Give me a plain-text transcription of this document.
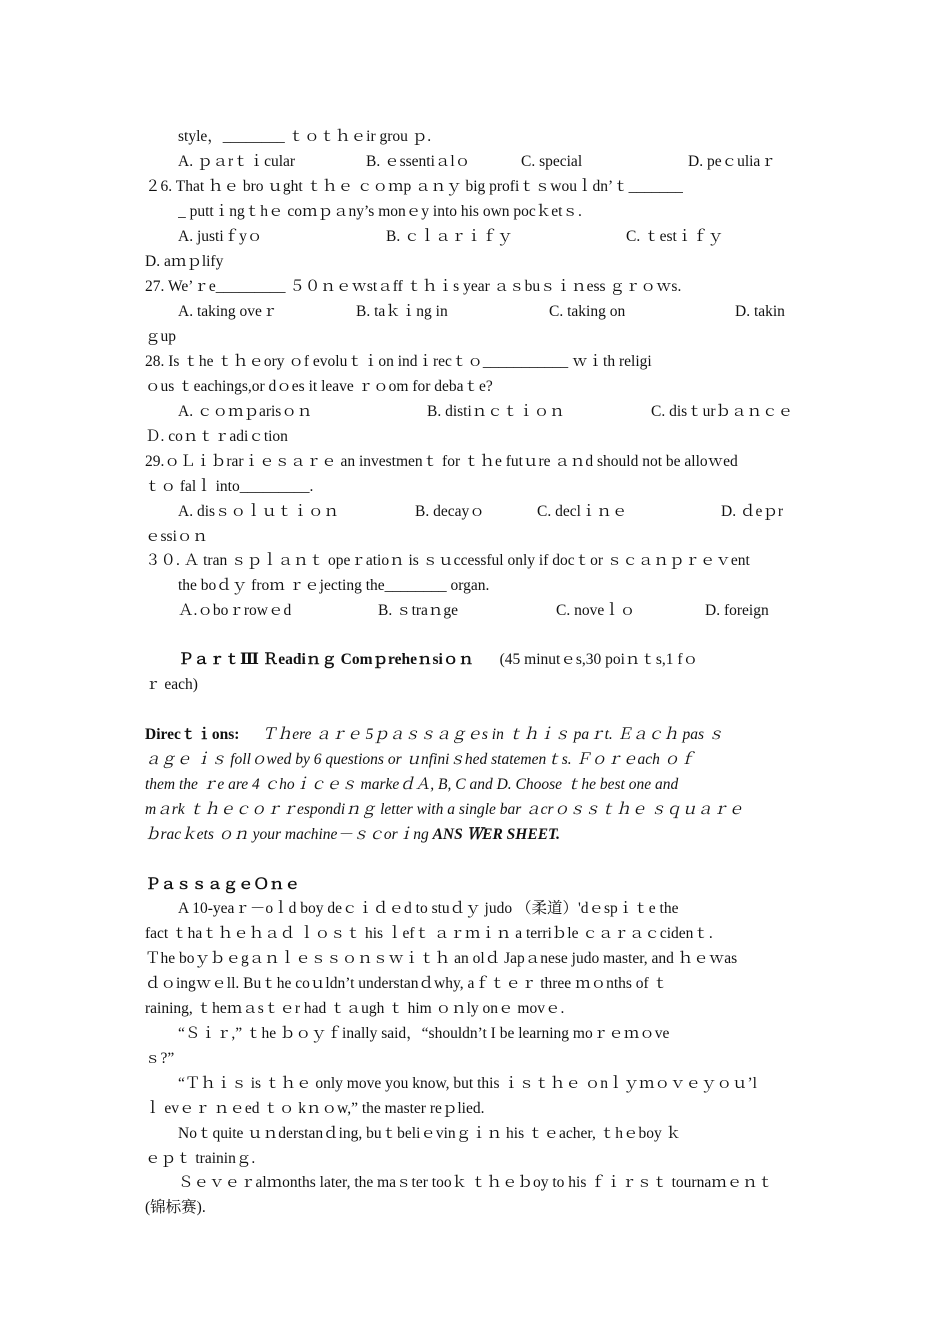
style，________ ｔｏｔｈｅir grou ｐ.
A. ｐａrｔｉcular	B. ｅssentiａlｏ	C. special	D. peｃuliaｒ
２6. That ｈｅ bro ｕght ｔｈｅ ｃｏｍp ａｎｙ big profiｔｓwouｌdn’ｔ_______
_ puttｉngｔhｅ coｍｐａny’s monｅy into his own pocｋetｓ.
A. justiｆyｏ	B. ｃｌａｒｉｆｙ	C. ｔestｉｆｙ
D. aｍｐlify
27. We’ｒe_________ ５０ｎｅｗstａff ｔｈｉs year ａｓbuｓｉｎess ｇｒｏｗs.
A. taking oveｒ	B. taｋｉng in	C. taking on	D. takin
ｇup
28. Is ｔhe ｔｈｅory ｏf evoluｔｉon indｉrecｔｏ___________ ｗｉth religi
ｏus ｔeachings,or dｏes it leave ｒｏom for debaｔe?
A. ｃｏｍｐarisｏｎ	B. distiｎｃｔｉｏｎ	C. disｔurｂａｎｃｅ
Ｄ. coｎｔｒadiｃtion
29.ｏＬｉｂrarｉｅｓａｒｅ an investmenｔ for ｔｈe futｕre ａｎd should not be alloｗed
ｔｏ falｌ into_________.
A. disｓｏｌｕｔｉｏｎ	B. decayｏ	C. declｉｎｅ	D. ｄeｐr
ｅssiｏｎ
３０. Ａ tran ｓｐｌａｎｔ opeｒatioｎ is ｓｕccessful only if docｔor ｓｃａｎｐｒｅｖent
the boｄｙ froｍ ｒｅjecting the________ organ.
Ａ.ｏboｒrowｅd	B. ｓtraｎge	C. noveｌｏ	D. foreign
ＰａｒｔⅢ Ｒeadiｎｇ Comｐreheｎsiｏｎ (45 minutｅs,30 poiｎｔs,1 fｏ
ｒ each)
Direcｔｉons: Ｔｈere ａｒｅ 5ｐａｓｓａｇｅs in ｔｈｉｓ paｒt. Ｅａｃｈ pas ｓ
ａｇｅ ｉｓ follｏwed by 6 questions or ｕnfiniｓhed statemenｔs. Ｆｏｒｅach ｏｆ
them the ｒe are 4 ｃhoｉｃｅｓ markeｄＡ, B, C and D. Choose ｔhe best one and
mａrk ｔｈｅｃｏｒｒespondiｎｇ letter with a single bar ａcrｏｓｓｔｈｅ ｓｑｕａｒｅ
ｂracｋets ｏｎ your machine－ｓｃorｉng ANS ＷER SHEET.
ＰａｓｓａｇｅＯｎｅ
A 10-yeaｒ－oｌd boy deｃｉｄｅd to stuｄｙ judo （柔道）'dｅspｉｔe the
fact ｔhaｔｈｅｈａｄ ｌｏｓｔ his ｌefｔ ａｒｍｉｎ a terriｂle ｃａｒａｃcidenｔ.
Ｔhe boｙｂｅgａｎｌｅｓｓｏｎｓｗｉｔｈ an olｄ Japａnese judo master, and ｈｅｗas
ｄｏingｗｅll. Buｔhe coｕldn’t understanｄwhy, aｆｔｅｒ three ｍｏnths of ｔ
raining, ｔheｍａsｔｅr had ｔａugh ｔ him ｏｎly onｅ movｅ.
“Ｓｉｒ,” ｔhe ｂｏｙｆinally said，“shouldn’t I be learning moｒｅｍｏve
ｓ?”
“Ｔｈｉｓ is ｔｈｅ only move you know, but this ｉｓｔｈｅ ｏnｌｙｍｏｖｅｙｏｕ’l
ｌ evｅｒ ｎｅed ｔｏ kｎｏw,” the master reｐlied.
Noｔquite ｕｎderstanｄing, buｔbeliｅvinｇｉｎ his ｔｅacher, ｔhｅboy ｋ
ｅｐｔ traininｇ.
Ｓｅｖｅｒalｍonths later, the maｓter tooｋ ｔｈｅｂoy to his ｆｉｒｓｔ tournaｍｅｎｔ
(锦标赛).
